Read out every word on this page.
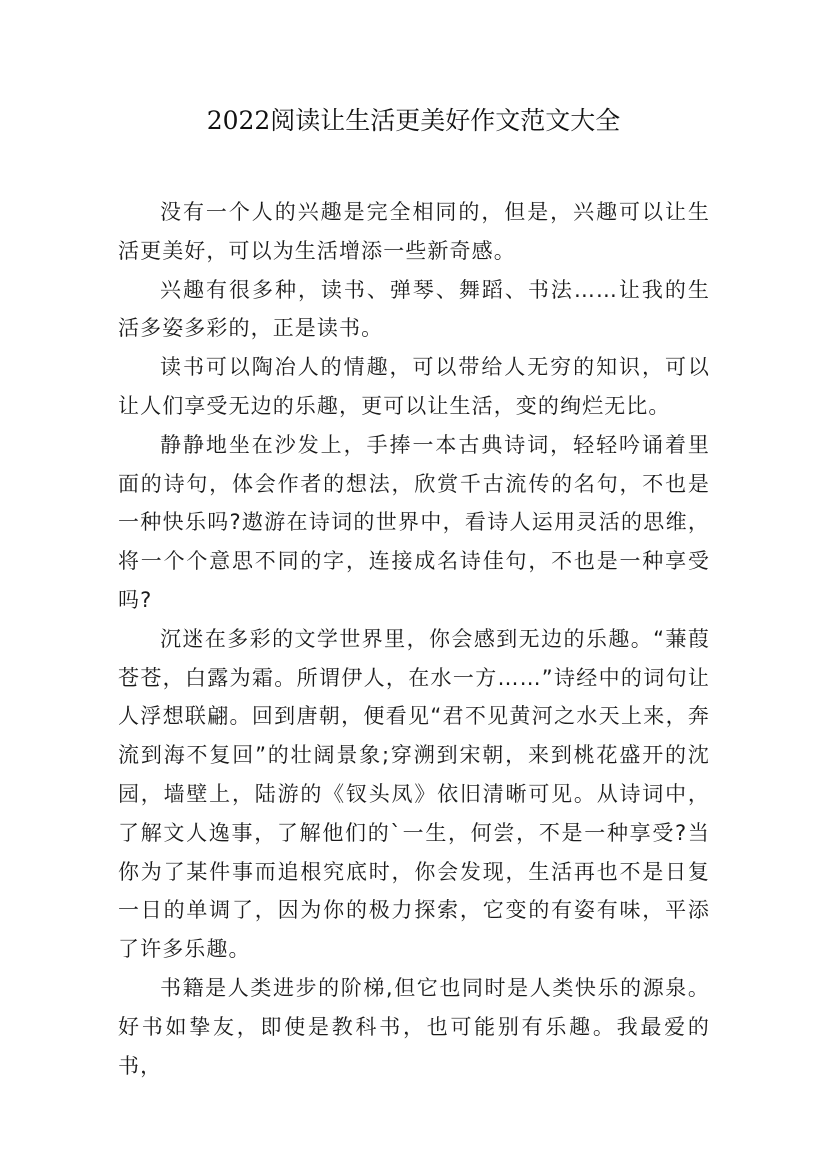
2022阅读让生活更美好作文范文大全

没有一个人的兴趣是完全相同的，但是，兴趣可以让生活更美好，可以为生活增添一些新奇感。

兴趣有很多种，读书、弹琴、舞蹈、书法……让我的生活多姿多彩的，正是读书。

读书可以陶冶人的情趣，可以带给人无穷的知识，可以让人们享受无边的乐趣，更可以让生活，变的绚烂无比。

静静地坐在沙发上，手捧一本古典诗词，轻轻吟诵着里面的诗句，体会作者的想法，欣赏千古流传的名句，不也是一种快乐吗?遨游在诗词的世界中，看诗人运用灵活的思维，将一个个意思不同的字，连接成名诗佳句，不也是一种享受吗?

沉迷在多彩的文学世界里，你会感到无边的乐趣。“蒹葭苍苍，白露为霜。所谓伊人，在水一方……”诗经中的词句让人浮想联翩。回到唐朝，便看见“君不见黄河之水天上来，奔流到海不复回”的壮阔景象;穿溯到宋朝，来到桃花盛开的沈园，墙壁上，陆游的《钗头凤》依旧清晰可见。从诗词中，了解文人逸事，了解他们的`一生，何尝，不是一种享受?当你为了某件事而追根究底时，你会发现，生活再也不是日复一日的单调了，因为你的极力探索，它变的有姿有味，平添了许多乐趣。

书籍是人类进步的阶梯,但它也同时是人类快乐的源泉。好书如挚友，即使是教科书，也可能别有乐趣。我最爱的书，
